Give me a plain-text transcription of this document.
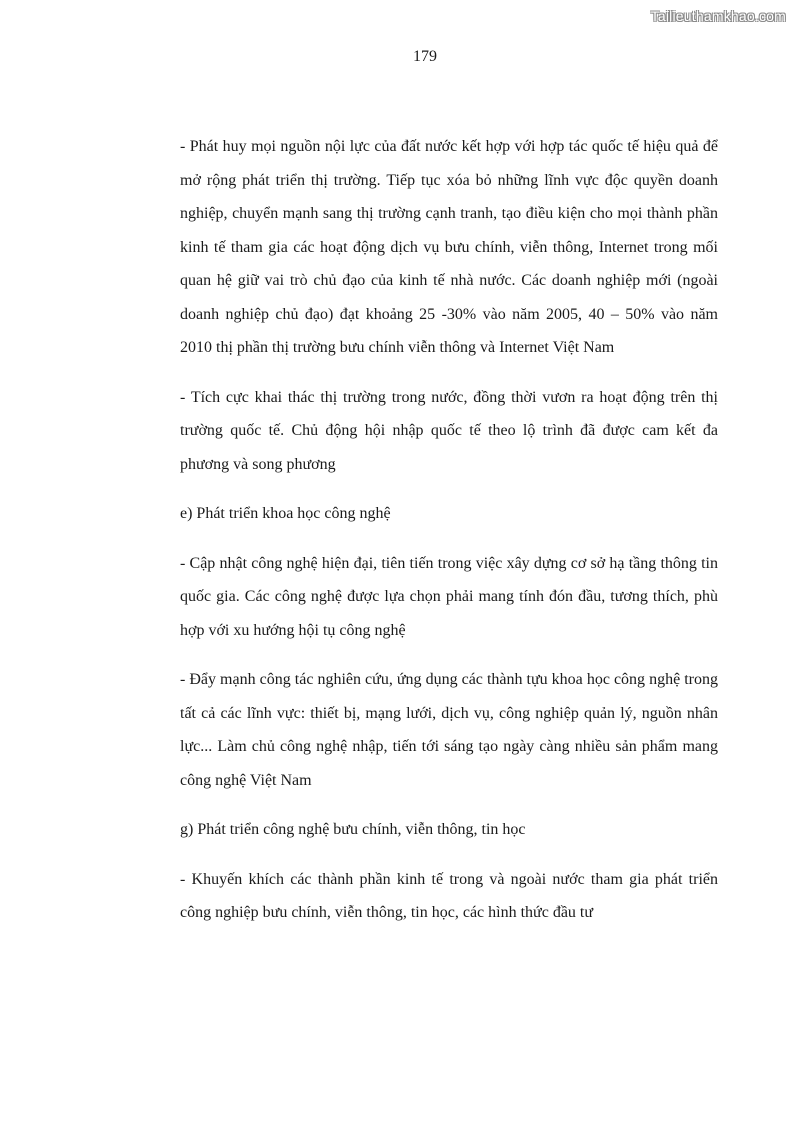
Tailieuthamkhao.com
179

- Phát huy mọi nguồn nội lực của đất nước kết hợp với hợp tác quốc tế hiệu quả để mở rộng phát triển thị trường. Tiếp tục xóa bỏ những lĩnh vực độc quyền doanh nghiệp, chuyển mạnh sang thị trường cạnh tranh, tạo điều kiện cho mọi thành phần kinh tế tham gia các hoạt động dịch vụ bưu chính, viễn thông, Internet trong mối quan hệ giữ vai trò chủ đạo của kinh tế nhà nước. Các doanh nghiệp mới (ngoài doanh nghiệp chủ đạo) đạt khoảng 25 -30% vào năm 2005, 40 – 50% vào năm 2010 thị phần thị trường bưu chính viễn thông và Internet Việt Nam

- Tích cực khai thác thị trường trong nước, đồng thời vươn ra hoạt động trên thị trường quốc tế. Chủ động hội nhập quốc tế theo lộ trình đã được cam kết đa phương và song phương

e) Phát triển khoa học công nghệ

- Cập nhật công nghệ hiện đại, tiên tiến trong việc xây dựng cơ sở hạ tầng thông tin quốc gia. Các công nghệ được lựa chọn phải mang tính đón đầu, tương thích, phù hợp với xu hướng hội tụ công nghệ

- Đẩy mạnh công tác nghiên cứu, ứng dụng các thành tựu khoa học công nghệ trong tất cả các lĩnh vực: thiết bị, mạng lưới, dịch vụ, công nghiệp quản lý, nguồn nhân lực... Làm chủ công nghệ nhập, tiến tới sáng tạo ngày càng nhiều sản phẩm mang công nghệ Việt Nam

g) Phát triển công nghệ bưu chính, viễn thông, tin học

- Khuyến khích các thành phần kinh tế trong và ngoài nước tham gia phát triển công nghiệp bưu chính, viễn thông, tin học, các hình thức đầu tư
